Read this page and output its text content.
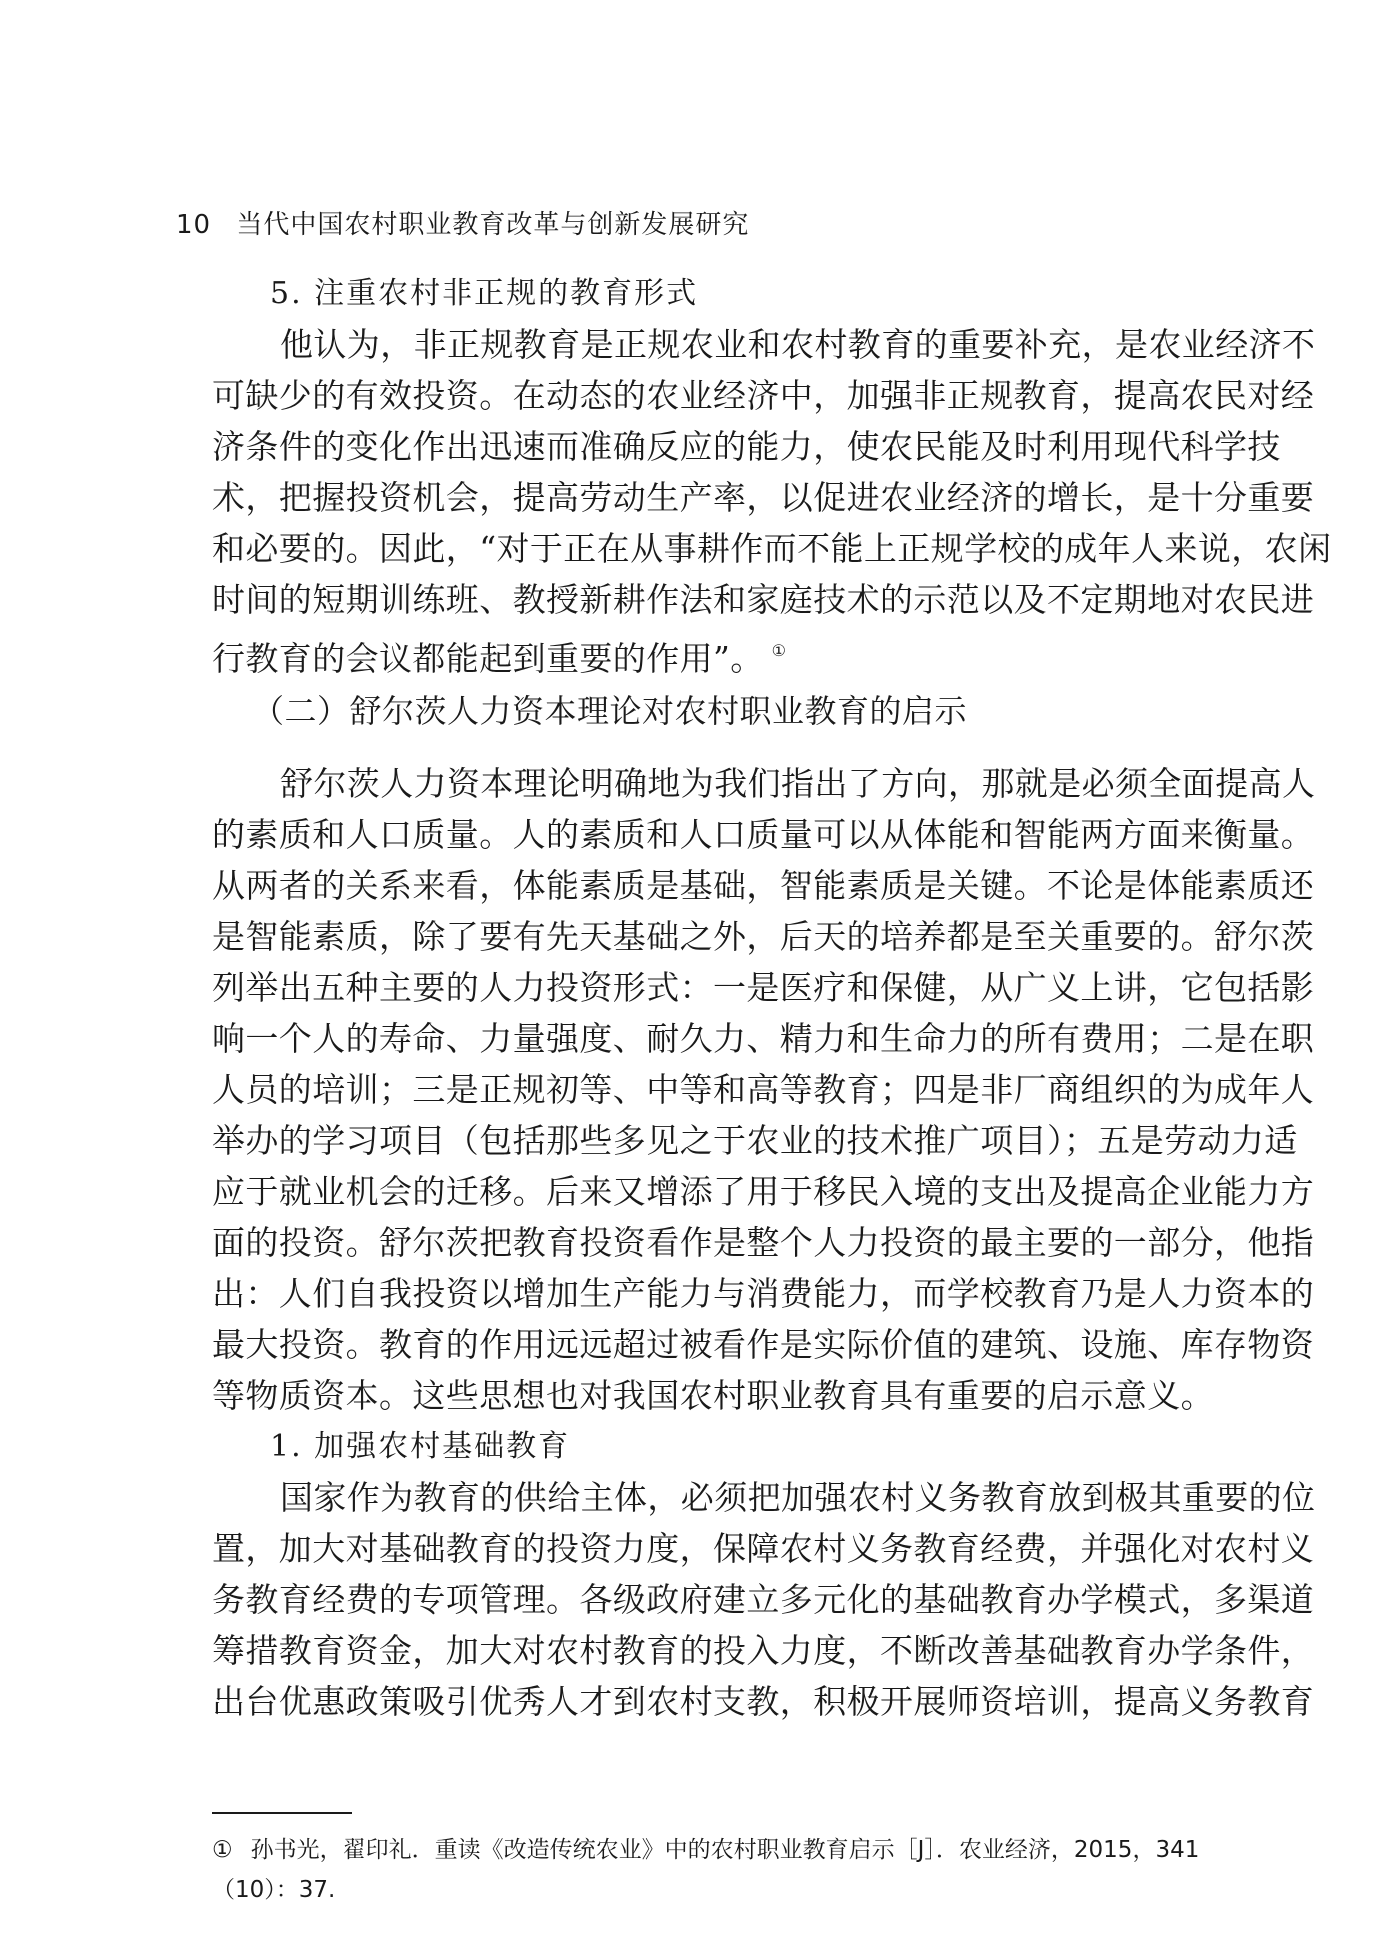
10 当代中国农村职业教育改革与创新发展研究
5. 注重农村非正规的教育形式
他认为，非正规教育是正规农业和农村教育的重要补充，是农业经济不
可缺少的有效投资。在动态的农业经济中，加强非正规教育，提高农民对经
济条件的变化作出迅速而准确反应的能力，使农民能及时利用现代科学技
术，把握投资机会，提高劳动生产率，以促进农业经济的增长，是十分重要
和必要的。因此，“对于正在从事耕作而不能上正规学校的成年人来说，农闲
时间的短期训练班、教授新耕作法和家庭技术的示范以及不定期地对农民进
行教育的会议都能起到重要的作用”。 ①
（二）舒尔茨人力资本理论对农村职业教育的启示
舒尔茨人力资本理论明确地为我们指出了方向，那就是必须全面提高人
的素质和人口质量。人的素质和人口质量可以从体能和智能两方面来衡量。
从两者的关系来看，体能素质是基础，智能素质是关键。不论是体能素质还
是智能素质，除了要有先天基础之外，后天的培养都是至关重要的。舒尔茨
列举出五种主要的人力投资形式：一是医疗和保健，从广义上讲，它包括影
响一个人的寿命、力量强度、耐久力、精力和生命力的所有费用；二是在职
人员的培训；三是正规初等、中等和高等教育；四是非厂商组织的为成年人
举办的学习项目（包括那些多见之于农业的技术推广项目）；五是劳动力适
应于就业机会的迁移。后来又增添了用于移民入境的支出及提高企业能力方
面的投资。舒尔茨把教育投资看作是整个人力投资的最主要的一部分，他指
出：人们自我投资以增加生产能力与消费能力，而学校教育乃是人力资本的
最大投资。教育的作用远远超过被看作是实际价值的建筑、设施、库存物资
等物质资本。这些思想也对我国农村职业教育具有重要的启示意义。
1. 加强农村基础教育
国家作为教育的供给主体，必须把加强农村义务教育放到极其重要的位
置，加大对基础教育的投资力度，保障农村义务教育经费，并强化对农村义
务教育经费的专项管理。各级政府建立多元化的基础教育办学模式，多渠道
筹措教育资金，加大对农村教育的投入力度，不断改善基础教育办学条件，
出台优惠政策吸引优秀人才到农村支教，积极开展师资培训，提高义务教育
① 孙书光，翟印礼．重读《改造传统农业》中的农村职业教育启示［J］．农业经济，2015，341
（10）：37.
